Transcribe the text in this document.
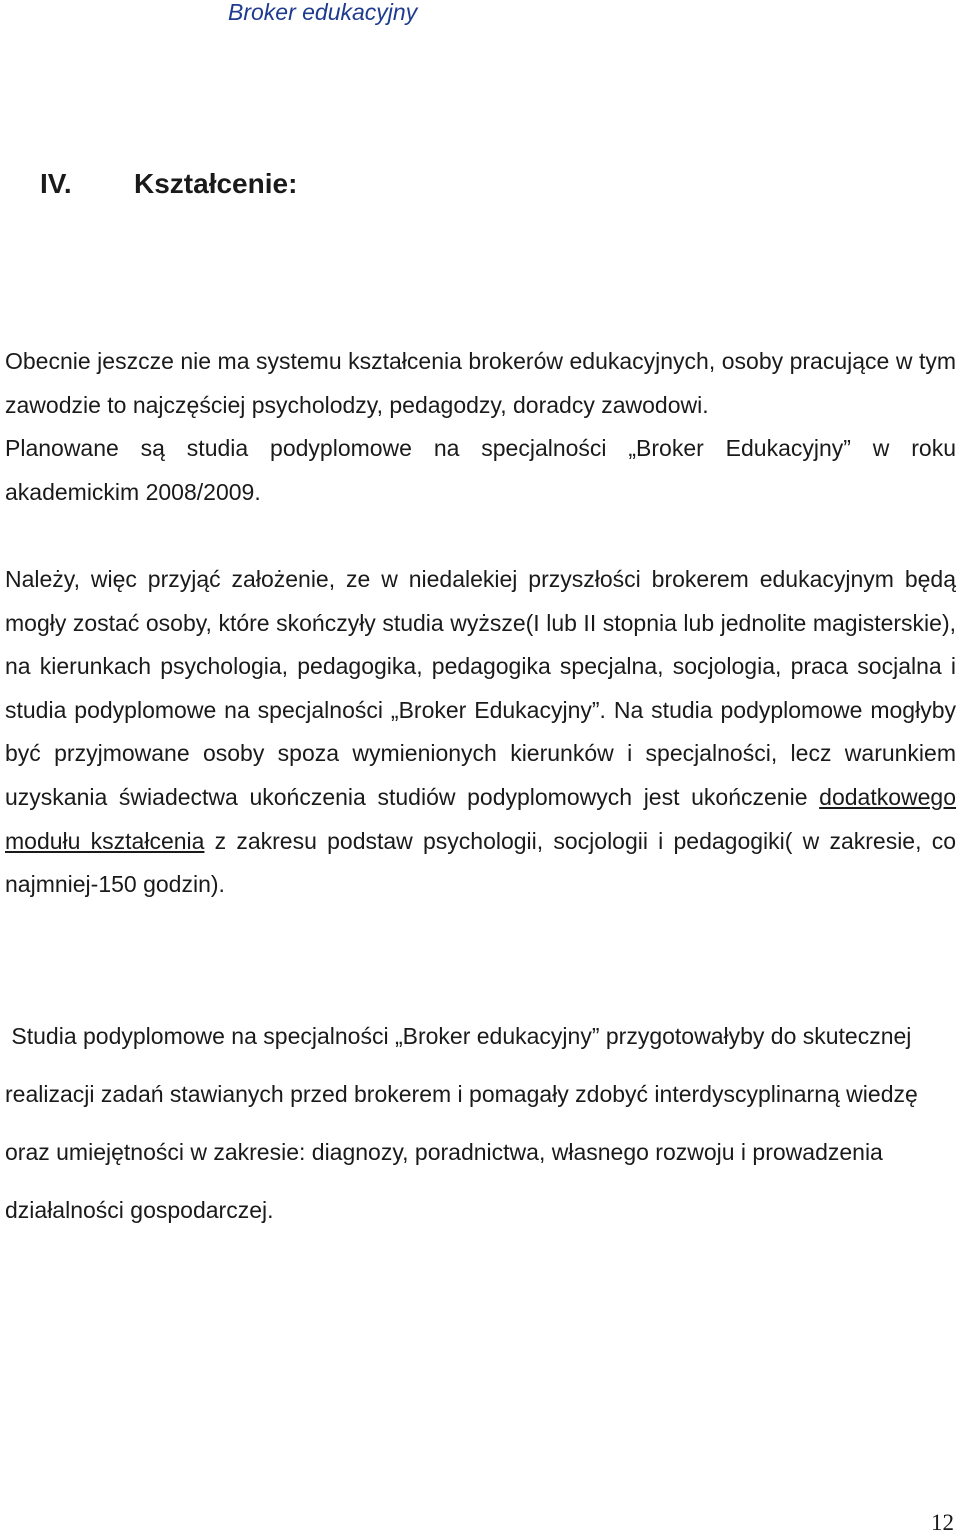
Broker edukacyjny
IV. Kształcenie:

Obecnie jeszcze nie ma systemu kształcenia brokerów edukacyjnych, osoby pracujące w tym zawodzie to najczęściej psycholodzy, pedagodzy, doradcy zawodowi.

Planowane są studia podyplomowe na specjalności „Broker Edukacyjny” w roku akademickim 2008/2009.

Należy, więc przyjąć założenie, ze w niedalekiej przyszłości brokerem edukacyjnym będą mogły zostać osoby, które skończyły studia wyższe(I lub II stopnia lub jednolite magisterskie), na kierunkach psychologia, pedagogika, pedagogika specjalna, socjologia, praca socjalna i studia podyplomowe na specjalności „Broker Edukacyjny”. Na studia podyplomowe mogłyby być przyjmowane osoby spoza wymienionych kierunków i specjalności, lecz warunkiem uzyskania świadectwa ukończenia studiów podyplomowych jest ukończenie dodatkowego modułu kształcenia z zakresu podstaw psychologii, socjologii i pedagogiki( w zakresie, co najmniej-150 godzin).

Studia podyplomowe na specjalności „Broker edukacyjny” przygotowałyby do skutecznej realizacji zadań stawianych przed brokerem i pomagały zdobyć interdyscyplinarną wiedzę oraz umiejętności w zakresie: diagnozy, poradnictwa, własnego rozwoju i prowadzenia działalności gospodarczej.

12
